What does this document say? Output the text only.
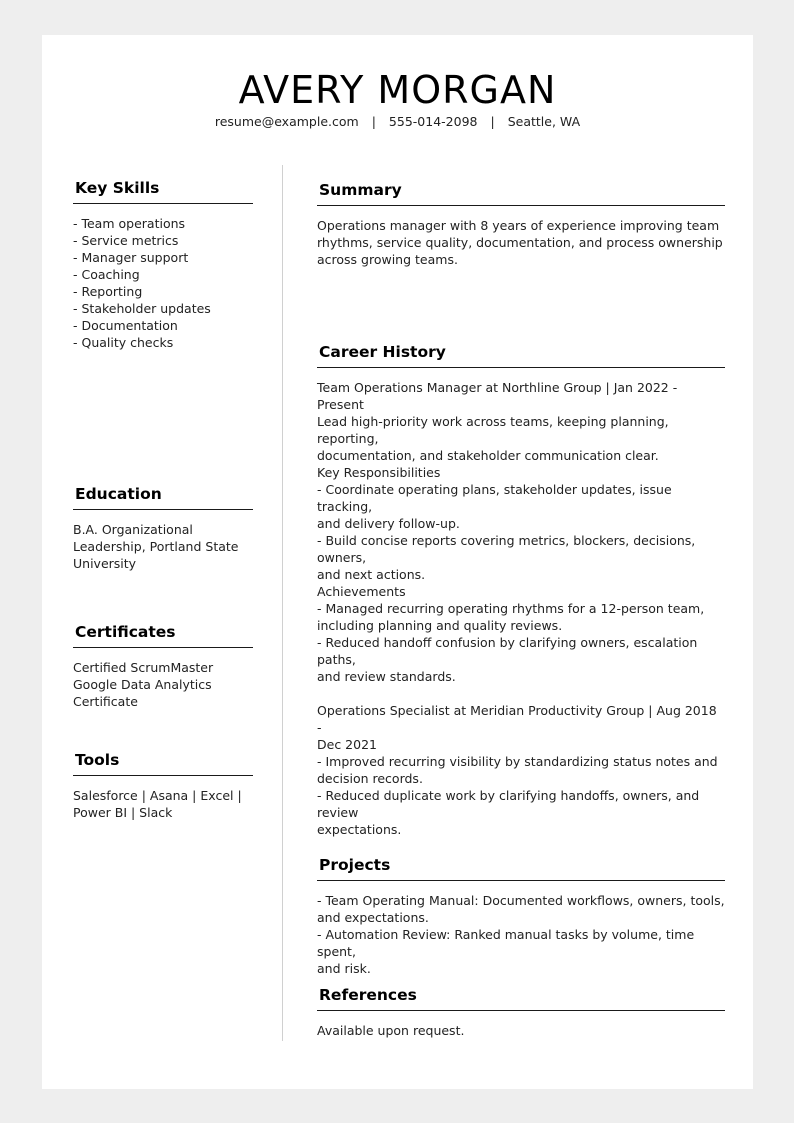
AVERY MORGAN
resume@example.com | 555-014-2098 | Seattle, WA
Key Skills
- Team operations
- Service metrics
- Manager support
- Coaching
- Reporting
- Stakeholder updates
- Documentation
- Quality checks
Education
B.A. Organizational
Leadership, Portland State
University
Certificates
Certified ScrumMaster
Google Data Analytics
Certificate
Tools
Salesforce | Asana | Excel |
Power BI | Slack
Summary
Operations manager with 8 years of experience improving team
rhythms, service quality, documentation, and process ownership
across growing teams.
Career History
Team Operations Manager at Northline Group | Jan 2022 - Present
Lead high-priority work across teams, keeping planning, reporting,
documentation, and stakeholder communication clear.
Key Responsibilities
- Coordinate operating plans, stakeholder updates, issue tracking,
and delivery follow-up.
- Build concise reports covering metrics, blockers, decisions, owners,
and next actions.
Achievements
- Managed recurring operating rhythms for a 12-person team,
including planning and quality reviews.
- Reduced handoff confusion by clarifying owners, escalation paths,
and review standards.
Operations Specialist at Meridian Productivity Group | Aug 2018 -
Dec 2021
- Improved recurring visibility by standardizing status notes and
decision records.
- Reduced duplicate work by clarifying handoffs, owners, and review
expectations.
Projects
- Team Operating Manual: Documented workflows, owners, tools,
and expectations.
- Automation Review: Ranked manual tasks by volume, time spent,
and risk.
References
Available upon request.
